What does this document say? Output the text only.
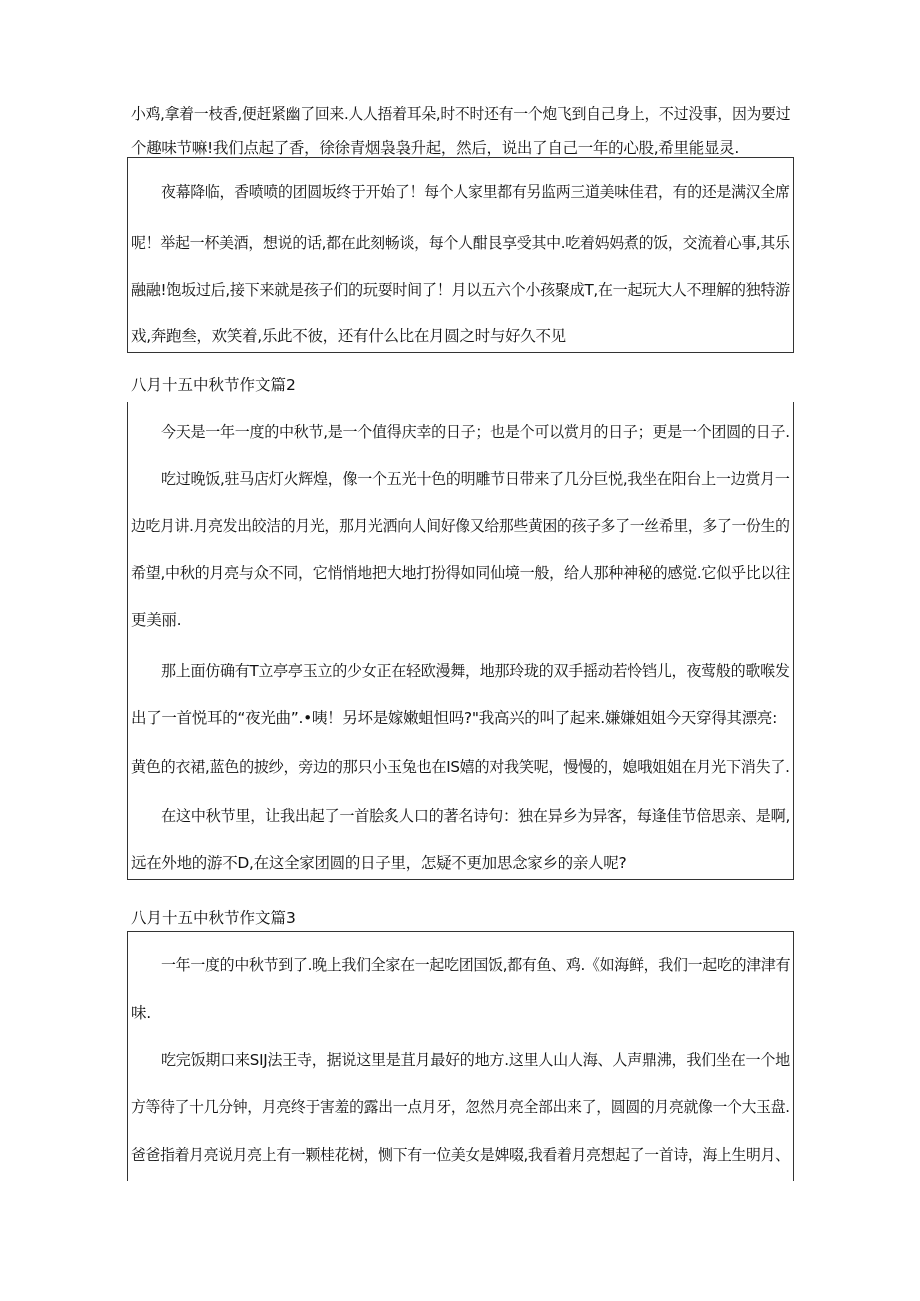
小鸡,拿着一枝香,便赶紧幽了回来.人人捂着耳朵,时不时还有一个炮飞到自己身上，不过没事，因为要过

个趣味节嘛!我们点起了香，徐徐青烟袅袅升起，然后，说出了自己一年的心股,希里能显灵.

夜幕降临，香喷喷的团圆坂终于开始了！每个人家里都有另监两三道美味佳君，有的还是满汉全席

呢！举起一杯美酒，想说的话,都在此刻畅谈，每个人酣艮享受其中.吃着妈妈煮的饭，交流着心事,其乐

融融!饱坂过后,接下来就是孩子们的玩耍时间了！月以五六个小孩聚成T,在一起玩大人不理解的独特游

戏,奔跑叁，欢笑着,乐此不彼，还有什么比在月圆之时与好久不见

八月十五中秋节作文篇2

今天是一年一度的中秋节,是一个值得庆幸的日子；也是个可以赏月的日子；更是一个团圆的日子.

吃过晚饭,驻马店灯火辉煌，像一个五光十色的明雕节日带来了几分巨悦,我坐在阳台上一边赏月一

边吃月讲.月亮发出皎洁的月光，那月光洒向人间好像又给那些黄困的孩子多了一丝希里，多了一份生的

希望,中秋的月亮与众不同，它悄悄地把大地打扮得如同仙境一般，给人那种神秘的感觉.它似乎比以往

更美丽.

那上面仿确有T立亭亭玉立的少女正在轻欧漫舞，地那玲珑的双手摇动若怜铛儿，夜莺般的歌喉发

出了一首悦耳的“夜光曲”.•咦！另坏是嫁嫩蛆怛吗?"我高兴的叫了起来.嫌嫌姐姐今天穿得其漂亮:

黄色的衣裙,蓝色的披纱，旁边的那只小玉兔也在IS嬉的对我笑呢，慢慢的，媳哦姐姐在月光下消失了.

在这中秋节里，让我出起了一首脍炙人口的著名诗句：独在异乡为异客，每逢佳节倍思亲、是啊,

远在外地的游不D,在这全家团圆的日子里，怎疑不更加思念家乡的亲人呢?

八月十五中秋节作文篇3

一年一度的中秋节到了.晚上我们全家在一起吃团国饭,都有鱼、鸡.《如海鲜，我们一起吃的津津有

味.

吃完饭期口来SIJ法王寺，据说这里是苴月最好的地方.这里人山人海、人声鼎沸，我们坐在一个地

方等待了十几分钟，月亮终于害羞的露出一点月牙，忽然月亮全部出来了，圆圆的月亮就像一个大玉盘.

爸爸指着月亮说月亮上有一颗桂花树，恻下有一位美女是婢啜,我看着月亮想起了一首诗，海上生明月、
